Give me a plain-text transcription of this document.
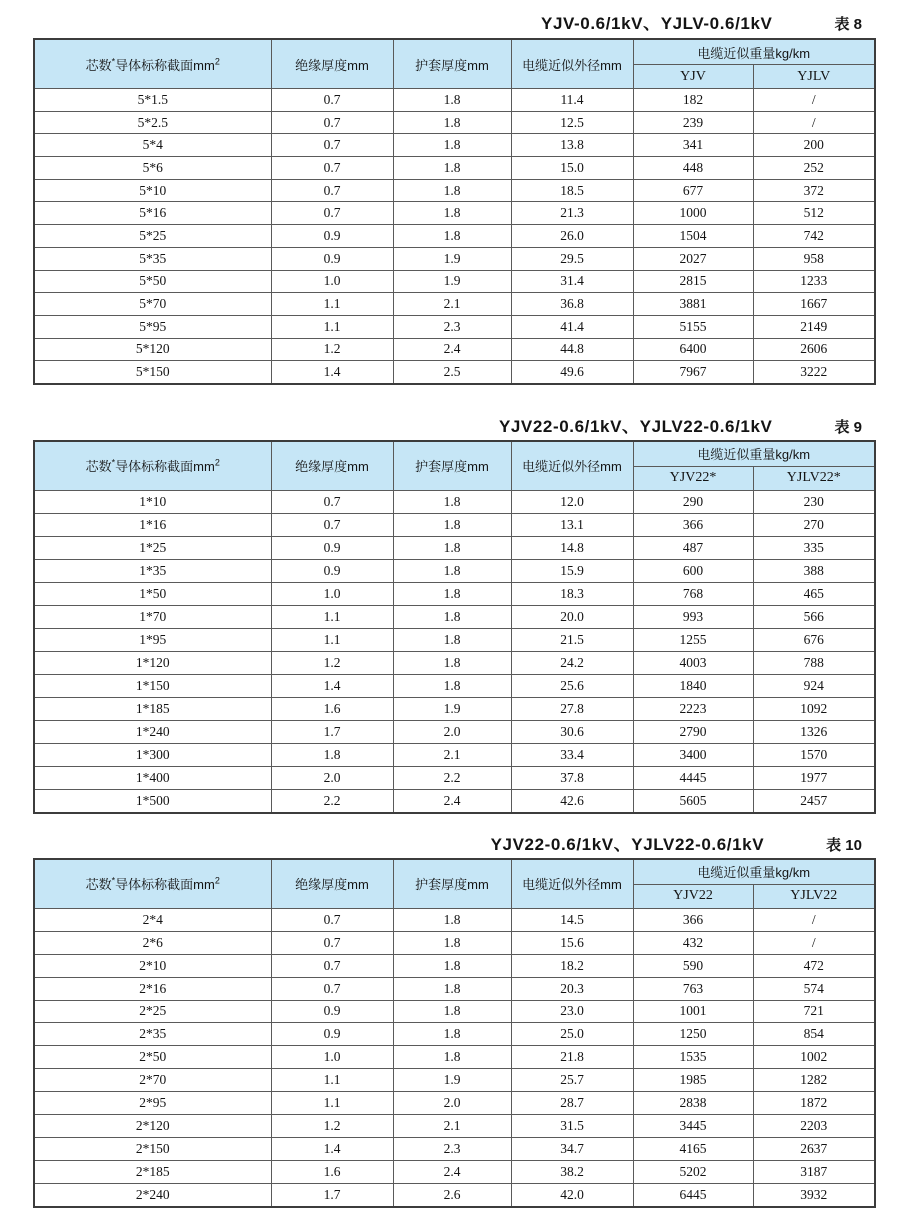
YJV-0.6/1kV、YJLV-0.6/1kV	表 8
芯数*导体标称截面$mm^2$	绝缘厚度mm	护套厚度mm	电缆近似外径mm	电缆近似重量kg/km	
				YJV	YJLV
5*1.5	0.7	1.8	11.4	182	/
5*2.5	0.7	1.8	12.5	239	/
5*4	0.7	1.8	13.8	341	200
5*6	0.7	1.8	15.0	448	252
5*10	0.7	1.8	18.5	677	372
5*16	0.7	1.8	21.3	1000	512
5*25	0.9	1.8	26.0	1504	742
5*35	0.9	1.9	29.5	2027	958
5*50	1.0	1.9	31.4	2815	1233
5*70	1.1	2.1	36.8	3881	1667
5*95	1.1	2.3	41.4	5155	2149
5*120	1.2	2.4	44.8	6400	2606
5*150	1.4	2.5	49.6	7967	3222
YJV22-0.6/1kV、YJLV22-0.6/1kV	表 9
芯数*导体标称截面$mm^2$	绝缘厚度mm	护套厚度mm	电缆近似外径mm	电缆近似重量kg/km	
				YJV22*	YJLV22*
1*10	0.7	1.8	12.0	290	230
1*16	0.7	1.8	13.1	366	270
1*25	0.9	1.8	14.8	487	335
1*35	0.9	1.8	15.9	600	388
1*50	1.0	1.8	18.3	768	465
1*70	1.1	1.8	20.0	993	566
1*95	1.1	1.8	21.5	1255	676
1*120	1.2	1.8	24.2	4003	788
1*150	1.4	1.8	25.6	1840	924
1*185	1.6	1.9	27.8	2223	1092
1*240	1.7	2.0	30.6	2790	1326
1*300	1.8	2.1	33.4	3400	1570
1*400	2.0	2.2	37.8	4445	1977
1*500	2.2	2.4	42.6	5605	2457
YJV22-0.6/1kV、YJLV22-0.6/1kV	表 10
芯数*导体标称截面$mm^2$	绝缘厚度mm	护套厚度mm	电缆近似外径mm	电缆近似重量kg/km	
				YJV22	YJLV22
2*4	0.7	1.8	14.5	366	/
2*6	0.7	1.8	15.6	432	/
2*10	0.7	1.8	18.2	590	472
2*16	0.7	1.8	20.3	763	574
2*25	0.9	1.8	23.0	1001	721
2*35	0.9	1.8	25.0	1250	854
2*50	1.0	1.8	21.8	1535	1002
2*70	1.1	1.9	25.7	1985	1282
2*95	1.1	2.0	28.7	2838	1872
2*120	1.2	2.1	31.5	3445	2203
2*150	1.4	2.3	34.7	4165	2637
2*185	1.6	2.4	38.2	5202	3187
2*240	1.7	2.6	42.0	6445	3932
